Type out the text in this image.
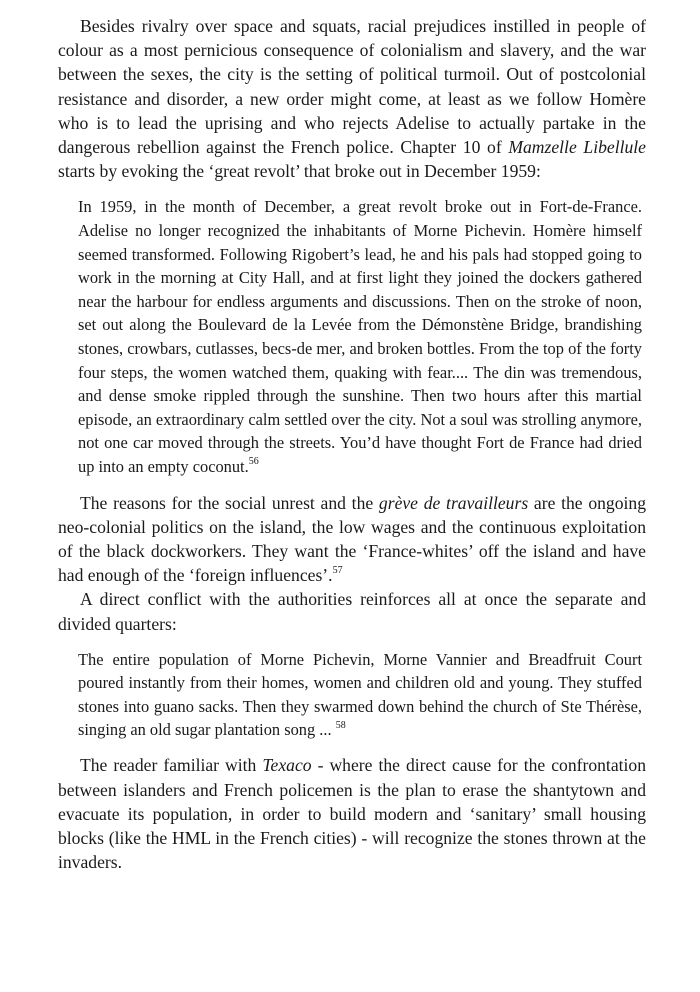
Besides rivalry over space and squats, racial prejudices instilled in people of colour as a most pernicious consequence of colonialism and slavery, and the war between the sexes, the city is the setting of political turmoil. Out of postcolonial resistance and disorder, a new order might come, at least as we follow Homère who is to lead the uprising and who rejects Adelise to actually partake in the dangerous rebellion against the French police. Chapter 10 of Mamzelle Libellule starts by evoking the ‘great revolt’ that broke out in December 1959:

In 1959, in the month of December, a great revolt broke out in Fort-de-France. Adelise no longer recognized the inhabitants of Morne Pichevin. Homère himself seemed transformed. Following Rigobert’s lead, he and his pals had stopped going to work in the morning at City Hall, and at first light they joined the dockers gathered near the harbour for endless arguments and discussions. Then on the stroke of noon, set out along the Boulevard de la Levée from the Démonstène Bridge, brandishing stones, crowbars, cutlasses, becs-de mer, and broken bottles. From the top of the forty four steps, the women watched them, quaking with fear.... The din was tremendous, and dense smoke rippled through the sunshine. Then two hours after this martial episode, an extraordinary calm settled over the city. Not a soul was strolling anymore, not one car moved through the streets. You’d have thought Fort de France had dried up into an empty coconut.$^{56}$

The reasons for the social unrest and the grève de travailleurs are the ongoing neo-colonial politics on the island, the low wages and the continuous exploitation of the black dockworkers. They want the ‘France-whites’ off the island and have had enough of the ‘foreign influences’.$^{57}$

A direct conflict with the authorities reinforces all at once the separate and divided quarters:

The entire population of Morne Pichevin, Morne Vannier and Breadfruit Court poured instantly from their homes, women and children old and young. They stuffed stones into guano sacks. Then they swarmed down behind the church of Ste Thérèse, singing an old sugar plantation song ... $^{58}$

The reader familiar with Texaco - where the direct cause for the confrontation between islanders and French policemen is the plan to erase the shantytown and evacuate its population, in order to build modern and ‘sanitary’ small housing blocks (like the HML in the French cities) - will recognize the stones thrown at the invaders.
